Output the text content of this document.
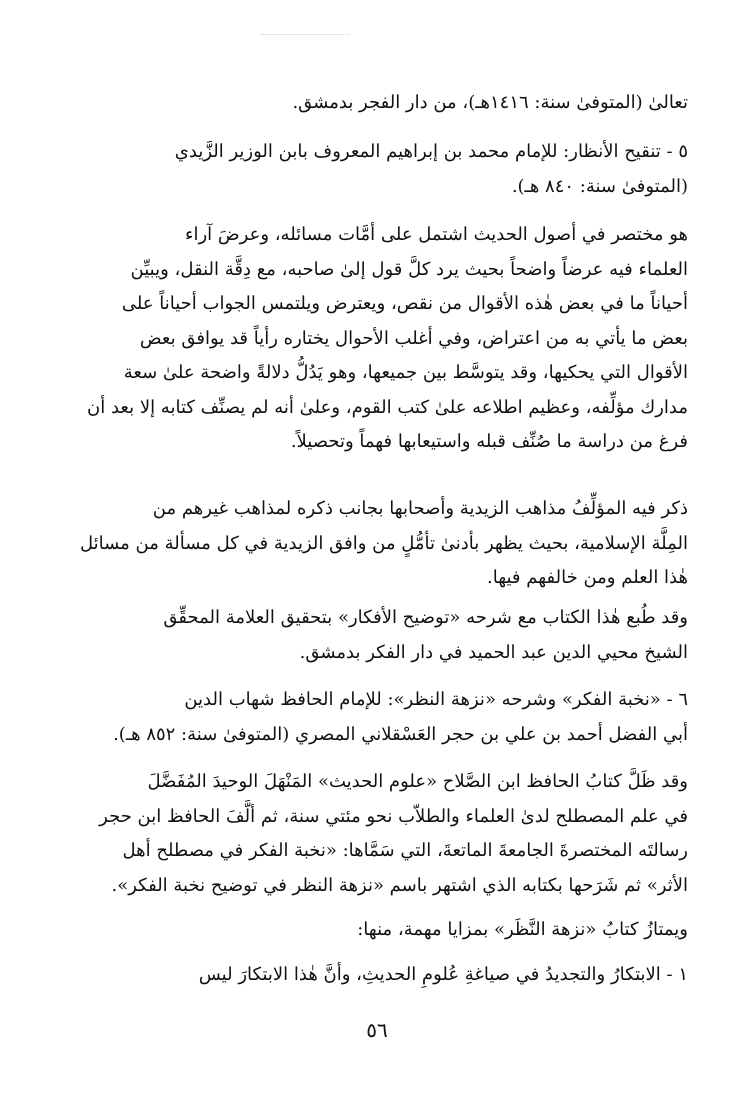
تعالىٰ (المتوفىٰ سنة: ١٤١٦هـ)، من دار الفجر بدمشق.
٥ - تنقيح الأنظار: للإمام محمد بن إبراهيم المعروف بابن الوزير الزَّيدي
(المتوفىٰ سنة: ٨٤٠ هـ).
هو مختصر في أصول الحديث اشتمل على أمَّات مسائله، وعرضَ آراء
العلماء فيه عرضاً واضحاً بحيث يرد كلَّ قول إلىٰ صاحبه، مع دِقَّة النقل، ويبيِّن
أحياناً ما في بعض هٰذه الأقوال من نقص، ويعترض ويلتمس الجواب أحياناً على
بعض ما يأتي به من اعتراض، وفي أغلب الأحوال يختاره رأياً قد يوافق بعض
الأقوال التي يحكيها، وقد يتوسَّط بين جميعها، وهو يَدُلُّ دلالةً واضحة علىٰ سعة
مدارك مؤلِّفه، وعظيم اطلاعه علىٰ كتب القوم، وعلىٰ أنه لم يصنِّف كتابه إلا بعد أن
فرغ من دراسة ما صُنِّف قبله واستيعابها فهماً وتحصيلاً.
ذكر فيه المؤلِّفُ مذاهب الزيدية وأصحابها بجانب ذكره لمذاهب غيرهم من
المِلَّة الإسلامية، بحيث يظهر بأدنىٰ تأمُّلٍ من وافق الزيدية في كل مسألة من مسائل
هٰذا العلم ومن خالفهم فيها.
وقد طُبع هٰذا الكتاب مع شرحه «توضيح الأفكار» بتحقيق العلامة المحقِّق
الشيخ محيي الدين عبد الحميد في دار الفكر بدمشق.
٦ - «نخبة الفكر» وشرحه «نزهة النظر»: للإمام الحافظ شهاب الدين
أبي الفضل أحمد بن علي بن حجر العَسْقلاني المصري (المتوفىٰ سنة: ٨٥٢ هـ).
وقد ظَلَّ كتابُ الحافظ ابن الصَّلاح «علوم الحديث» المَنْهَلَ الوحيدَ المُفَضَّلَ
في علم المصطلح لدىٰ العلماء والطلاّب نحو مئتي سنة، ثم ألَّفَ الحافظ ابن حجر
رسالتَه المختصرةَ الجامعةَ الماتعةَ، التي سَمَّاها: «نخبة الفكر في مصطلح أهل
الأثر» ثم شَرَحها بكتابه الذي اشتهر باسم «نزهة النظر في توضيح نخبة الفكر».
ويمتازُ كتابُ «نزهة النَّظَر» بمزايا مهمة، منها:
١ - الابتكارُ والتجديدُ في صياغةِ عُلومِ الحديثِ، وأنَّ هٰذا الابتكارَ ليس
٥٦
